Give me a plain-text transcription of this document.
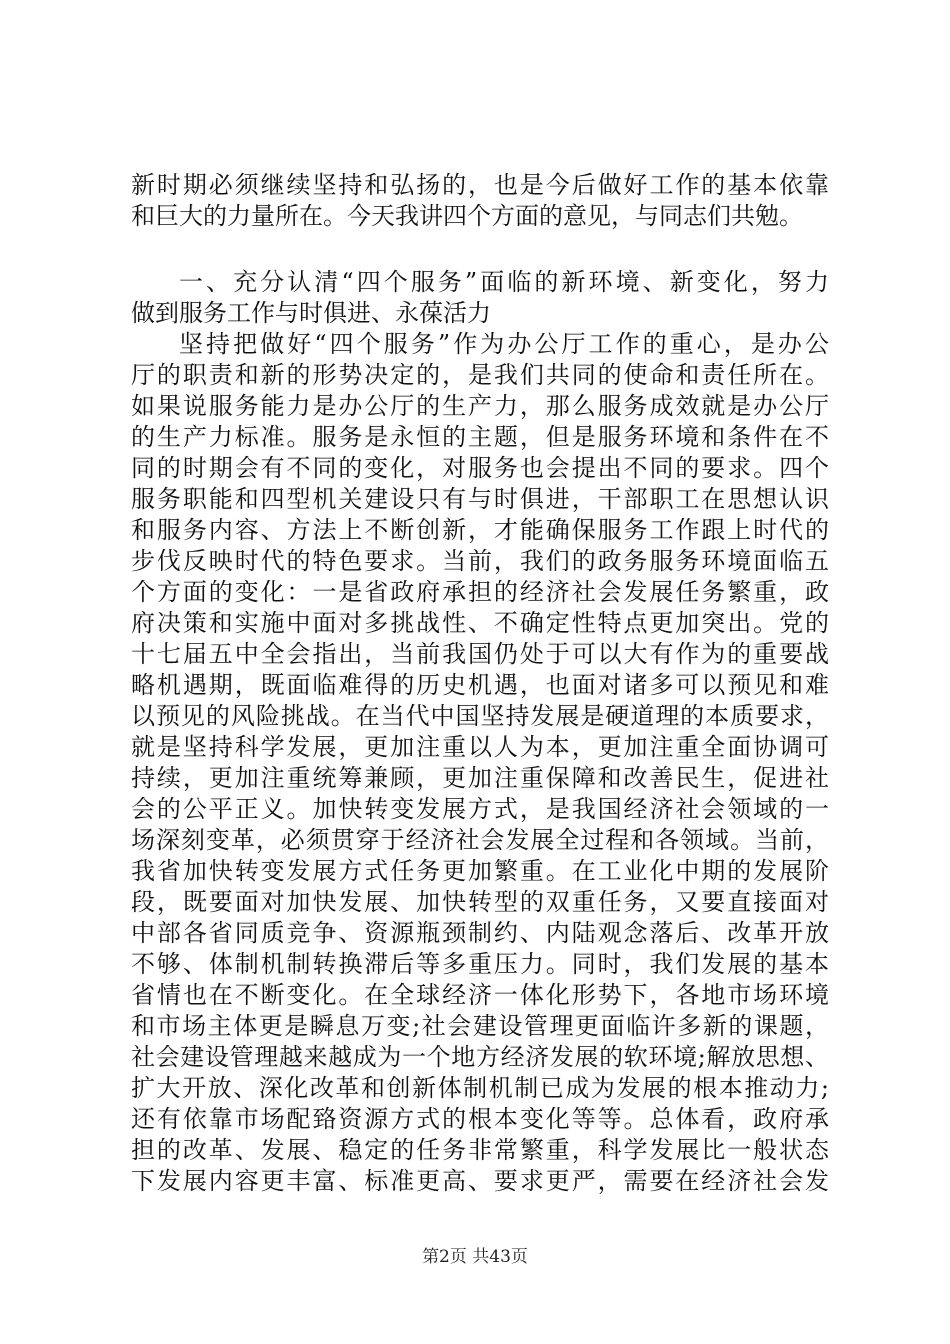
新时期必须继续坚持和弘扬的，也是今后做好工作的基本依靠
和巨大的力量所在。今天我讲四个方面的意见，与同志们共勉。
一、充分认清“四个服务”面临的新环境、新变化，努力
做到服务工作与时俱进、永葆活力
坚持把做好“四个服务”作为办公厅工作的重心，是办公
厅的职责和新的形势决定的，是我们共同的使命和责任所在。
如果说服务能力是办公厅的生产力，那么服务成效就是办公厅
的生产力标准。服务是永恒的主题，但是服务环境和条件在不
同的时期会有不同的变化，对服务也会提出不同的要求。四个
服务职能和四型机关建设只有与时俱进，干部职工在思想认识
和服务内容、方法上不断创新，才能确保服务工作跟上时代的
步伐反映时代的特色要求。当前，我们的政务服务环境面临五
个方面的变化：一是省政府承担的经济社会发展任务繁重，政
府决策和实施中面对多挑战性、不确定性特点更加突出。党的
十七届五中全会指出，当前我国仍处于可以大有作为的重要战
略机遇期，既面临难得的历史机遇，也面对诸多可以预见和难
以预见的风险挑战。在当代中国坚持发展是硬道理的本质要求，
就是坚持科学发展，更加注重以人为本，更加注重全面协调可
持续，更加注重统筹兼顾，更加注重保障和改善民生，促进社
会的公平正义。加快转变发展方式，是我国经济社会领域的一
场深刻变革，必须贯穿于经济社会发展全过程和各领域。当前，
我省加快转变发展方式任务更加繁重。在工业化中期的发展阶
段，既要面对加快发展、加快转型的双重任务，又要直接面对
中部各省同质竞争、资源瓶颈制约、内陆观念落后、改革开放
不够、体制机制转换滞后等多重压力。同时，我们发展的基本
省情也在不断变化。在全球经济一体化形势下，各地市场环境
和市场主体更是瞬息万变;社会建设管理更面临许多新的课题，
社会建设管理越来越成为一个地方经济发展的软环境;解放思想、
扩大开放、深化改革和创新体制机制已成为发展的根本推动力;
还有依靠市场配臵资源方式的根本变化等等。总体看，政府承
担的改革、发展、稳定的任务非常繁重，科学发展比一般状态
下发展内容更丰富、标准更高、要求更严，需要在经济社会发
第2页 共43页
